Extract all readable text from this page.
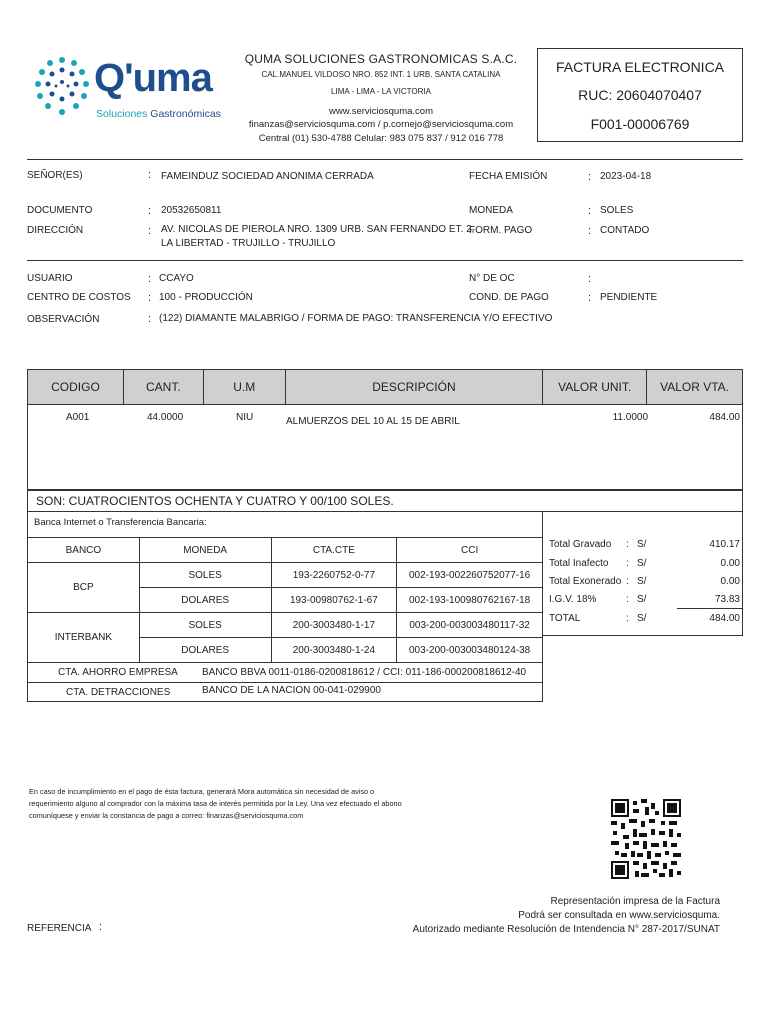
Q'uma
Soluciones Gastronómicas
QUMA SOLUCIONES GASTRONOMICAS S.A.C.
CAL.MANUEL VILDOSO NRO. 852 INT. 1 URB. SANTA CATALINA
LIMA - LIMA - LA VICTORIA
www.serviciosquma.com
finanzas@serviciosquma.com / p.cornejo@serviciosquma.com
Central (01) 530-4788 Celular: 983 075 837 / 912 016 778
FACTURA ELECTRONICA
RUC: 20604070407
F001-00006769
SEÑOR(ES)	: FAMEINDUZ SOCIEDAD ANONIMA CERRADA	FECHA EMISIÓN	: 2023-04-18
DOCUMENTO	: 20532650811	MONEDA	: SOLES
DIRECCIÓN	: AV. NICOLAS DE PIEROLA NRO. 1309 URB. SAN FERNANDO ET. 2,
LA LIBERTAD - TRUJILLO - TRUJILLO
FORM. PAGO	: CONTADO
USUARIO	: CCAYO	N° DE OC	:
CENTRO DE COSTOS : 100 - PRODUCCIÓN	COND. DE PAGO	: PENDIENTE
OBSERVACIÓN	: (122) DIAMANTE MALABRIGO / FORMA DE PAGO: TRANSFERENCIA Y/O EFECTIVO
CODIGO	CANT.	U.M	DESCRIPCIÓN	VALOR UNIT.	VALOR VTA.
A001	44.0000	NIU	ALMUERZOS DEL 10 AL 15 DE ABRIL	11.0000	484.00
SON: CUATROCIENTOS OCHENTA Y CUATRO Y 00/100 SOLES.
Banca Internet o Transferencia Bancaria:
BANCO	MONEDA	CTA.CTE	CCI
BCP	SOLES	193-2260752-0-77	002-193-002260752077-16
	DOLARES	193-00980762-1-67	002-193-100980762167-18
INTERBANK	SOLES	200-3003480-1-17	003-200-003003480117-32
	DOLARES	200-3003480-1-24	003-200-003003480124-38
CTA. AHORRO EMPRESA BANCO BBVA 0011-0186-0200818612 / CCI: 011-186-000200818612-40
CTA. DETRACCIONES	BANCO DE LA NACION 00-041-029900
Total Gravado : S/	410.17
Total Inafecto : S/	0.00
Total Exonerado : S/	0.00
I.G.V. 18%	: S/	73.83
TOTAL	: S/	484.00
En caso de incumplimiento en el pago de ésta factura, generará Mora automática sin necesidad de aviso o requerimiento alguno al comprador con la máxima tasa de interés permitida por la Ley. Una vez efectuado el abono comuníquese y enviar la constancia de pago a correo: finanzas@serviciosquma.com
Representación impresa de la Factura
Podrá ser consultada en www.serviciosquma.
Autorizado mediante Resolución de Intendencia N° 287-2017/SUNAT
REFERENCIA :
